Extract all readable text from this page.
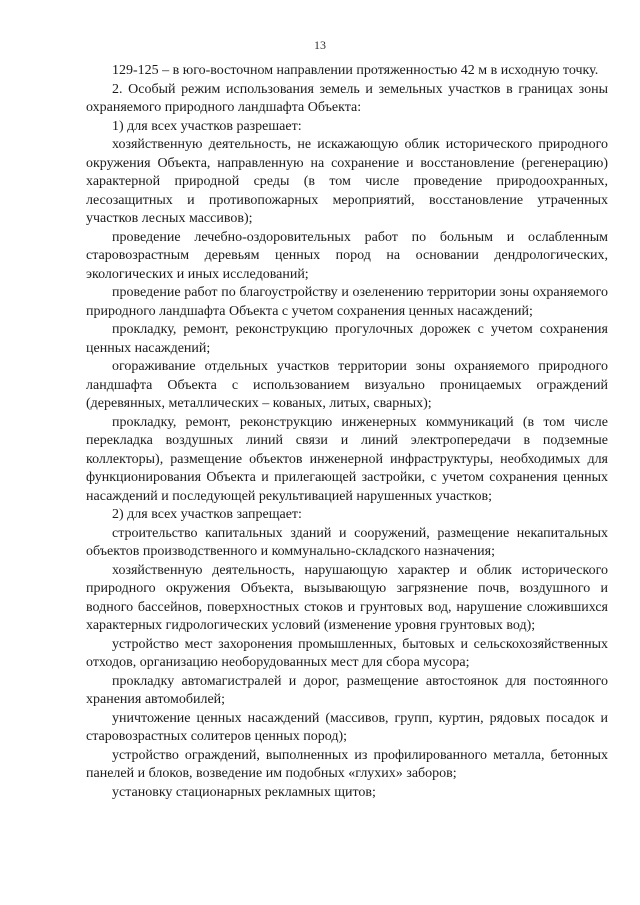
13

129-125 – в юго-восточном направлении протяженностью 42 м в исходную точку.

2. Особый режим использования земель и земельных участков в границах зоны охраняемого природного ландшафта Объекта:

1) для всех участков разрешает:

хозяйственную деятельность, не искажающую облик исторического природного окружения Объекта, направленную на сохранение и восстановление (регенерацию) характерной природной среды (в том числе проведение природоохранных, лесозащитных и противопожарных мероприятий, восстановление утраченных участков лесных массивов);

проведение лечебно-оздоровительных работ по больным и ослабленным старовозрастным деревьям ценных пород на основании дендрологических, экологических и иных исследований;

проведение работ по благоустройству и озеленению территории зоны охраняемого природного ландшафта Объекта с учетом сохранения ценных насаждений;

прокладку, ремонт, реконструкцию прогулочных дорожек с учетом сохранения ценных насаждений;

огораживание отдельных участков территории зоны охраняемого природного ландшафта Объекта с использованием визуально проницаемых ограждений (деревянных, металлических – кованых, литых, сварных);

прокладку, ремонт, реконструкцию инженерных коммуникаций (в том числе перекладка воздушных линий связи и линий электропередачи в подземные коллекторы), размещение объектов инженерной инфраструктуры, необходимых для функционирования Объекта и прилегающей застройки, с учетом сохранения ценных насаждений и последующей рекультивацией нарушенных участков;

2) для всех участков запрещает:

строительство капитальных зданий и сооружений, размещение некапитальных объектов производственного и коммунально-складского назначения;

хозяйственную деятельность, нарушающую характер и облик исторического природного окружения Объекта, вызывающую загрязнение почв, воздушного и водного бассейнов, поверхностных стоков и грунтовых вод, нарушение сложившихся характерных гидрологических условий (изменение уровня грунтовых вод);

устройство мест захоронения промышленных, бытовых и сельскохозяйственных отходов, организацию необорудованных мест для сбора мусора;

прокладку автомагистралей и дорог, размещение автостоянок для постоянного хранения автомобилей;

уничтожение ценных насаждений (массивов, групп, куртин, рядовых посадок и старовозрастных солитеров ценных пород);

устройство ограждений, выполненных из профилированного металла, бетонных панелей и блоков, возведение им подобных «глухих» заборов;

установку стационарных рекламных щитов;
